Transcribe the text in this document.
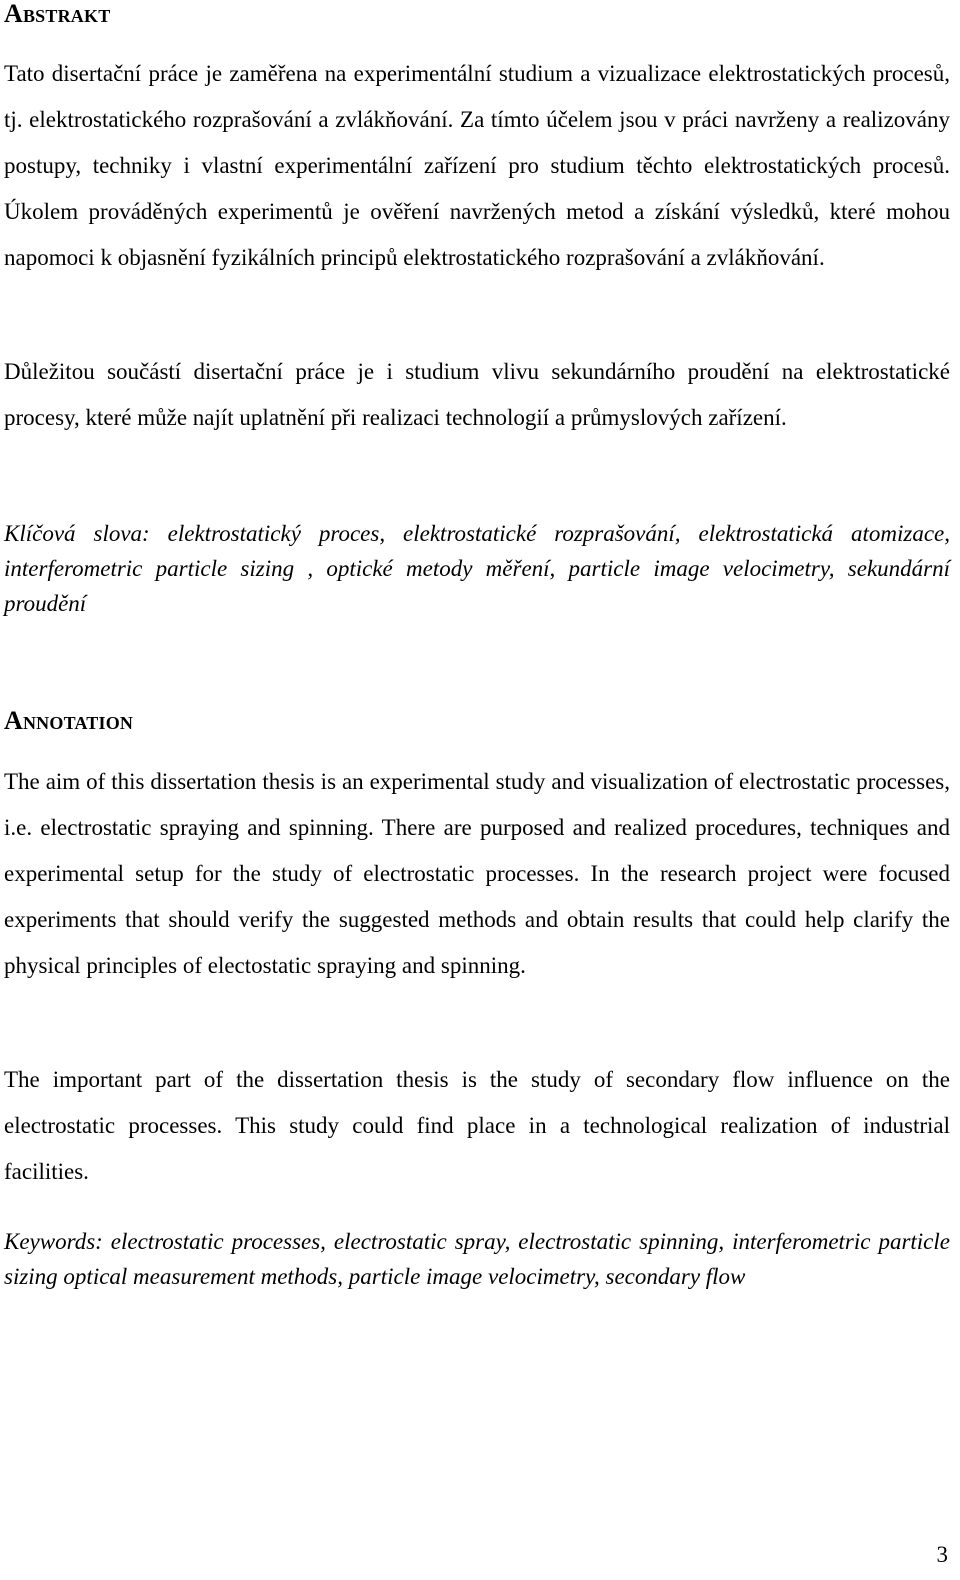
Abstrakt

Tato disertační práce je zaměřena na experimentální studium a vizualizace elektrostatických procesů, tj. elektrostatického rozprašování a zvlákňování. Za tímto účelem jsou v práci navrženy a realizovány postupy, techniky i vlastní experimentální zařízení pro studium těchto elektrostatických procesů. Úkolem prováděných experimentů je ověření navržených metod a získání výsledků, které mohou napomoci k objasnění fyzikálních principů elektrostatického rozprašování a zvlákňování.

Důležitou součástí disertační práce je i studium vlivu sekundárního proudění na elektrostatické procesy, které může najít uplatnění při realizaci technologií a průmyslových zařízení.

Klíčová slova: elektrostatický proces, elektrostatické rozprašování, elektrostatická atomizace, interferometric particle sizing , optické metody měření, particle image velocimetry, sekundární proudění

Annotation

The aim of this dissertation thesis is an experimental study and visualization of electrostatic processes, i.e. electrostatic spraying and spinning. There are purposed and realized procedures, techniques and experimental setup for the study of electrostatic processes. In the research project were focused experiments that should verify the suggested methods and obtain results that could help clarify the physical principles of electostatic spraying and spinning.

The important part of the dissertation thesis is the study of secondary flow influence on the electrostatic processes. This study could find place in a technological realization of industrial facilities.

Keywords: electrostatic processes, electrostatic spray, electrostatic spinning, interferometric particle sizing optical measurement methods, particle image velocimetry, secondary flow

3
